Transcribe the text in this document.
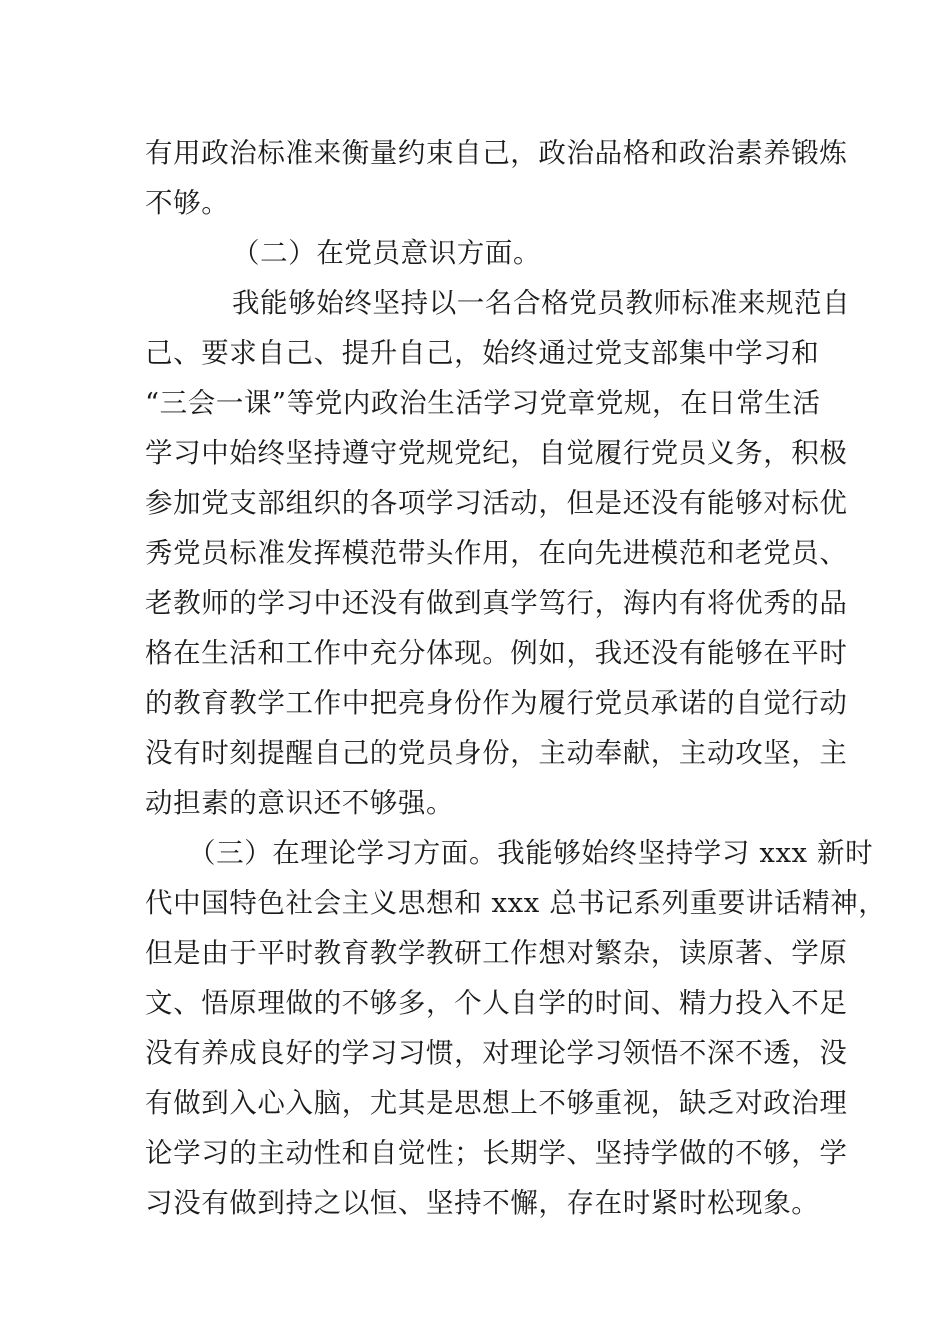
有用政治标准来衡量约束自己，政治品格和政治素养锻炼
不够。
（二）在党员意识方面。
我能够始终坚持以一名合格党员教师标准来规范自
己、要求自己、提升自己，始终通过党支部集中学习和
“三会一课”等党内政治生活学习党章党规，在日常生活
学习中始终坚持遵守党规党纪，自觉履行党员义务，积极
参加党支部组织的各项学习活动，但是还没有能够对标优
秀党员标准发挥模范带头作用，在向先进模范和老党员、
老教师的学习中还没有做到真学笃行，海内有将优秀的品
格在生活和工作中充分体现。例如，我还没有能够在平时
的教育教学工作中把亮身份作为履行党员承诺的自觉行动
没有时刻提醒自己的党员身份，主动奉献，主动攻坚，主
动担素的意识还不够强。
（三）在理论学习方面。我能够始终坚持学习 xxx 新时
代中国特色社会主义思想和 xxx 总书记系列重要讲话精神，
但是由于平时教育教学教研工作想对繁杂，读原著、学原
文、悟原理做的不够多，个人自学的时间、精力投入不足
没有养成良好的学习习惯，对理论学习领悟不深不透，没
有做到入心入脑，尤其是思想上不够重视，缺乏对政治理
论学习的主动性和自觉性；长期学、坚持学做的不够，学
习没有做到持之以恒、坚持不懈，存在时紧时松现象。
